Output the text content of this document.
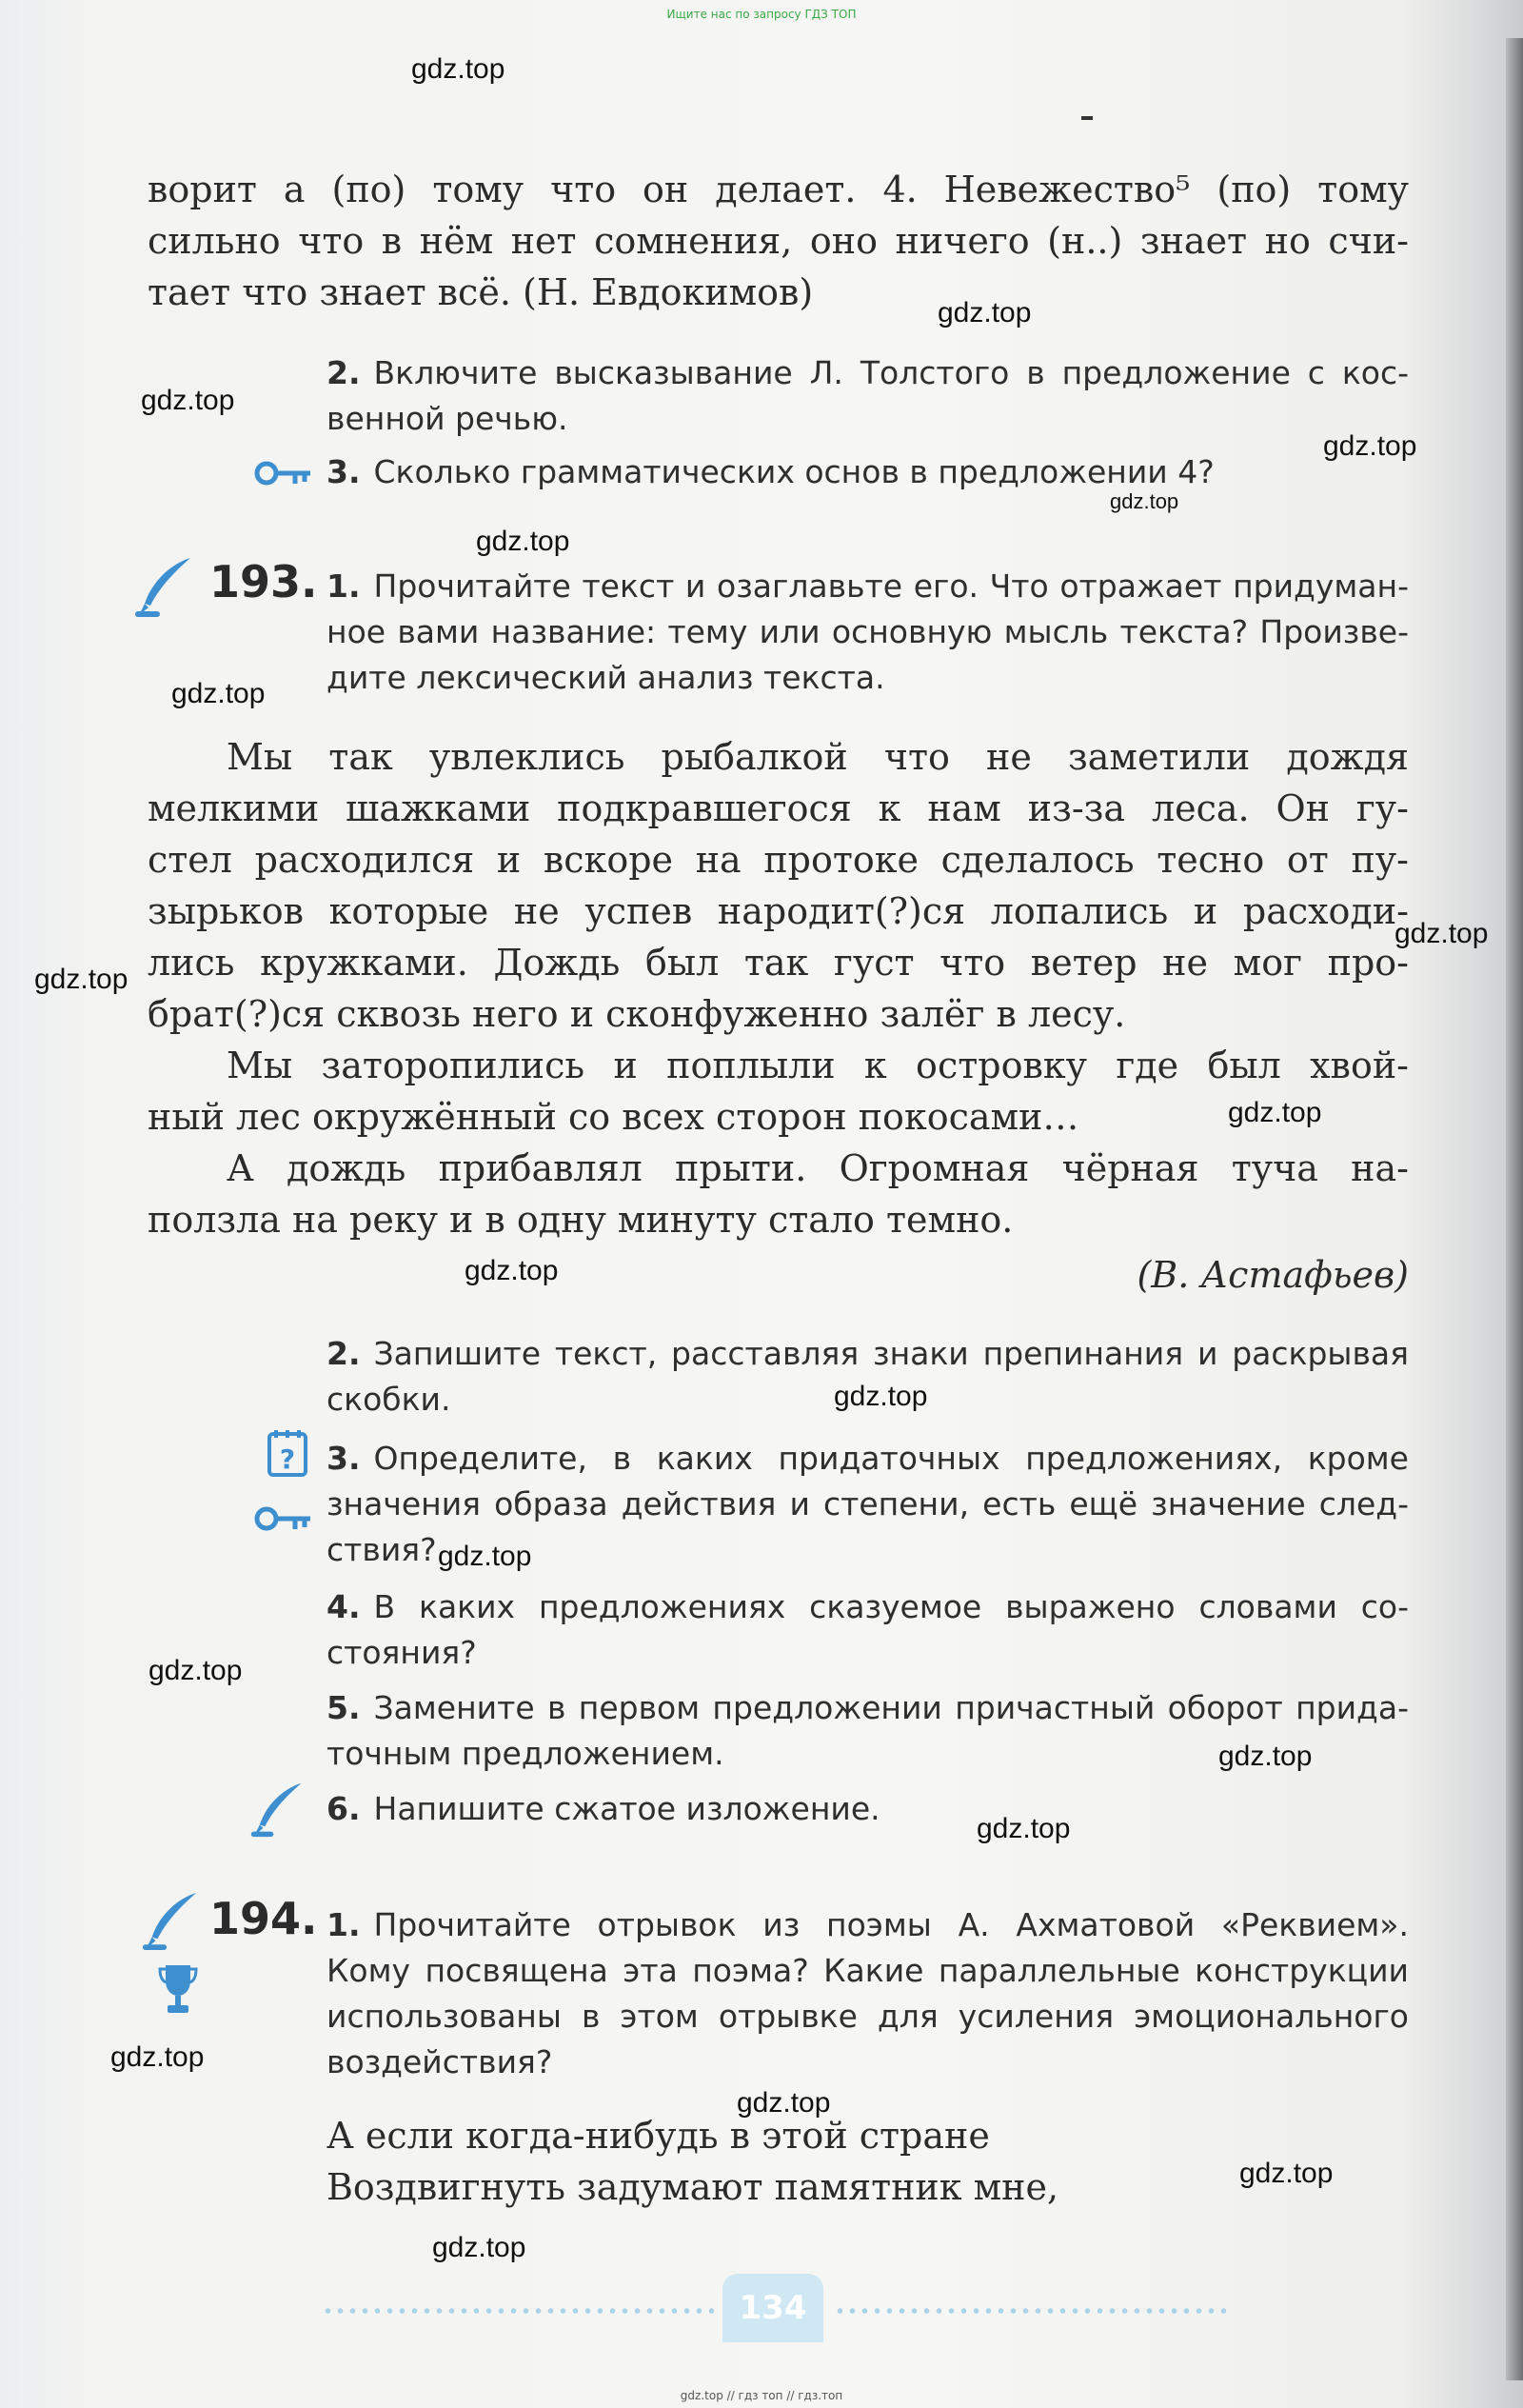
Ищите нас по запросу ГДЗ ТОП
gdz.top
gdz.top
gdz.top
gdz.top
gdz.top
gdz.top
gdz.top
gdz.top
gdz.top
gdz.top
gdz.top
gdz.top
gdz.top
gdz.top
gdz.top
gdz.top
gdz.top
gdz.top
gdz.top
gdz.top
ворит а (по) тому что он делает. 4. Невежество⁵ (по) тому
сильно что в нём нет сомнения, оно ничего (н..) знает но счи-
тает что знает всё. (Н. Евдокимов)
2. Включите высказывание Л. Толстого в предложение с кос-
венной речью.
3. Сколько грамматических основ в предложении 4?
193. 1. Прочитайте текст и озаглавьте его. Что отражает придуман-
ное вами название: тему или основную мысль текста? Произве-
дите лексический анализ текста.
Мы так увлеклись рыбалкой что не заметили дождя
мелкими шажками подкравшегося к нам из-за леса. Он гу-
стел расходился и вскоре на протоке сделалось тесно от пу-
зырьков которые не успев народит(?)ся лопались и расходи-
лись кружками. Дождь был так густ что ветер не мог про-
брат(?)ся сквозь него и сконфуженно залёг в лесу.
Мы заторопились и поплыли к островку где был хвой-
ный лес окружённый со всех сторон покосами…
А дождь прибавлял прыти. Огромная чёрная туча на-
ползла на реку и в одну минуту стало темно.
(В. Астафьев)
2. Запишите текст, расставляя знаки препинания и раскрывая
скобки.
? 3. Определите, в каких придаточных предложениях, кроме
значения образа действия и степени, есть ещё значение след-
ствия?
4. В каких предложениях сказуемое выражено словами со-
стояния?
5. Замените в первом предложении причастный оборот прида-
точным предложением.
6. Напишите сжатое изложение.
194. 1. Прочитайте отрывок из поэмы А. Ахматовой «Реквием».
Кому посвящена эта поэма? Какие параллельные конструкции
использованы в этом отрывке для усиления эмоционального
воздействия?
А если когда-нибудь в этой стране
Воздвигнуть задумают памятник мне,
134
gdz.top // гдз топ // гдз.топ
